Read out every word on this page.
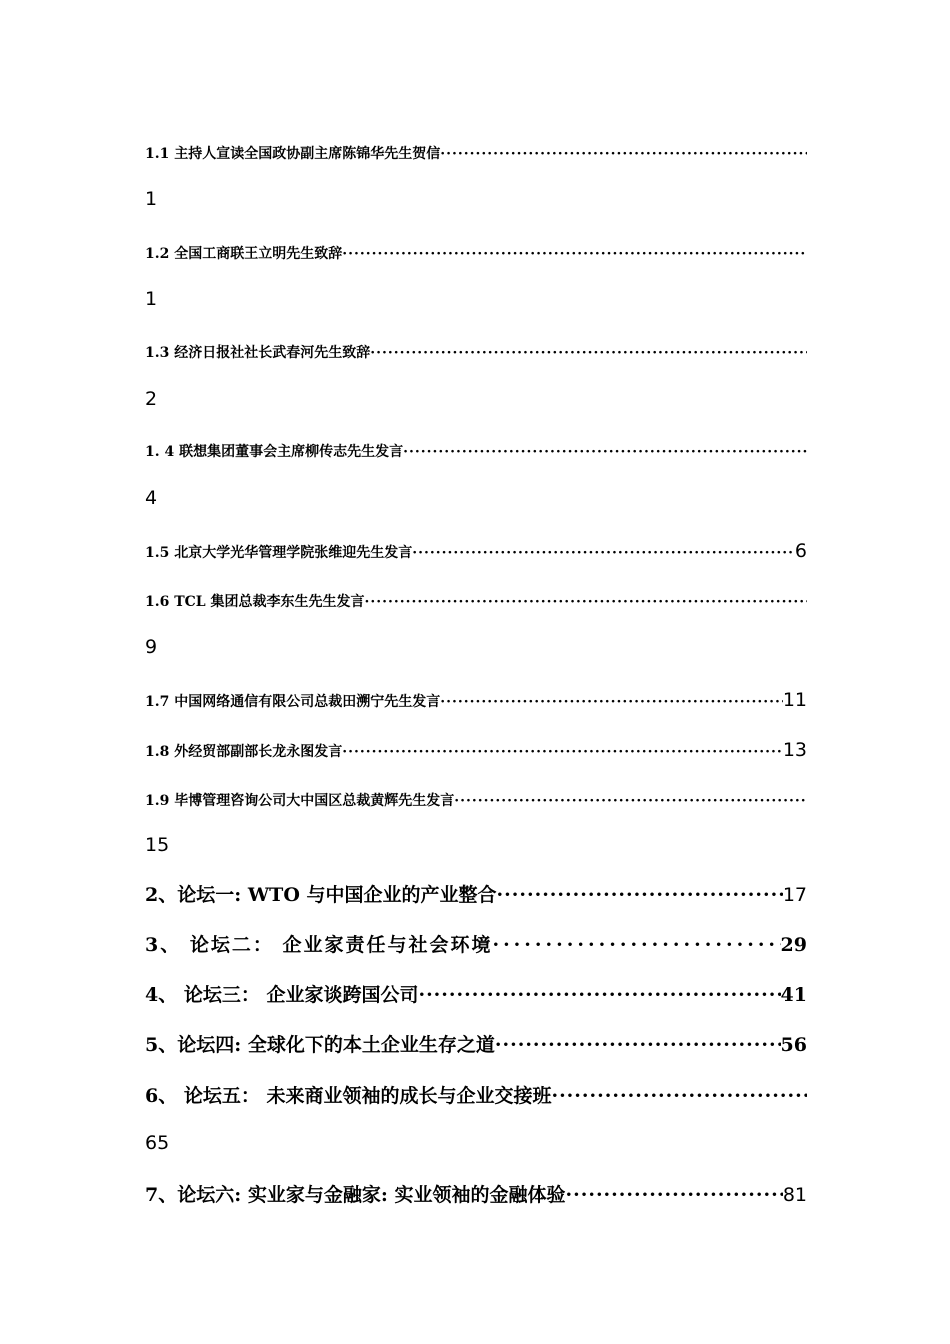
1.1 主持人宣读全国政协副主席陈锦华先生贺信
·····
1
1.2 全国工商联王立明先生致辞
·····
1
1.3 经济日报社社长武春河先生致辞
·····
2
1. 4 联想集团董事会主席柳传志先生发言
·····
4
1.5 北京大学光华管理学院张维迎先生发言 ·····	6
1.6 TCL 集团总裁李东生先生发言
·····
9
1.7 中国网络通信有限公司总裁田溯宁先生发言 ·····	11
1.8 外经贸部副部长龙永图发言 ·····	13
1.9 毕博管理咨询公司大中国区总裁黄辉先生发言
·····
15
2、论坛一: WTO 与中国企业的产业整合 ·····	17
3、 论坛二： 企业家责任与社会环境 ·····	29
4、 论坛三： 企业家谈跨国公司 ·····	41
5、论坛四: 全球化下的本土企业生存之道 ·····	56
6、 论坛五： 未来商业领袖的成长与企业交接班
·····
65
7、论坛六: 实业家与金融家: 实业领袖的金融体验 ·····	81
